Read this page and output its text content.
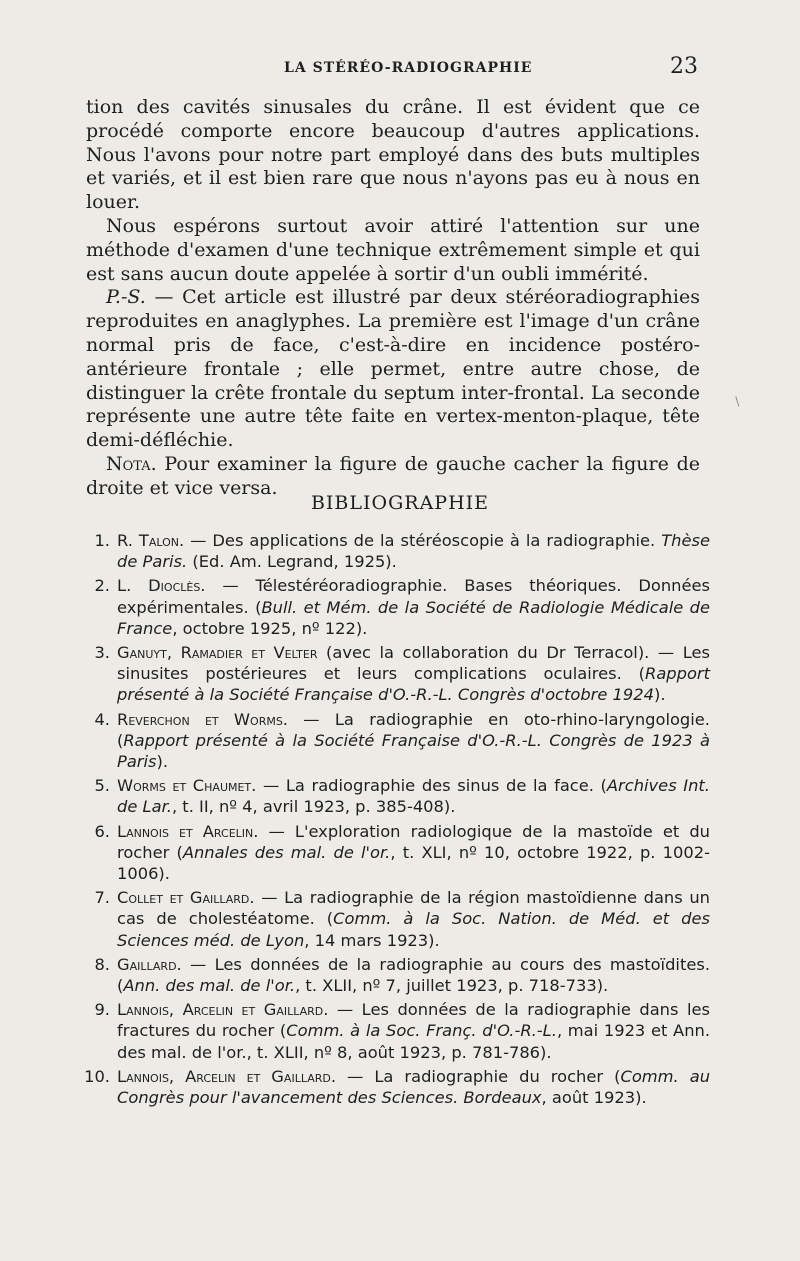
LA STÉRÉO-RADIOGRAPHIE	23

tion des cavités sinusales du crâne. Il est évident que ce procédé comporte encore beaucoup d'autres applications. Nous l'avons pour notre part employé dans des buts multiples et variés, et il est bien rare que nous n'ayons pas eu à nous en louer.

Nous espérons surtout avoir attiré l'attention sur une méthode d'examen d'une technique extrêmement simple et qui est sans aucun doute appelée à sortir d'un oubli immérité.

P.-S. — Cet article est illustré par deux stéréoradiographies reproduites en anaglyphes. La première est l'image d'un crâne normal pris de face, c'est-à-dire en incidence postéro-antérieure frontale ; elle permet, entre autre chose, de distinguer la crête frontale du septum inter-frontal. La seconde représente une autre tête faite en vertex-menton-plaque, tête demi-défléchie.

Nota. Pour examiner la figure de gauche cacher la figure de droite et vice versa.

∖
BIBLIOGRAPHIE
1. R. Talon. — Des applications de la stéréoscopie à la radiographie. Thèse de Paris. (Ed. Am. Legrand, 1925).
2. L. Dioclès. — Télestéréoradiographie. Bases théoriques. Données expérimentales. (Bull. et Mém. de la Société de Radiologie Médicale de France, octobre 1925, nº 122).
3. Ganuyt, Ramadier et Velter (avec la collaboration du Dr Terracol). — Les sinusites postérieures et leurs complications oculaires. (Rapport présenté à la Société Française d'O.-R.-L. Congrès d'octobre 1924).
4. Reverchon et Worms. — La radiographie en oto-rhino-laryngologie. (Rapport présenté à la Société Française d'O.-R.-L. Congrès de 1923 à Paris).
5. Worms et Chaumet. — La radiographie des sinus de la face. (Archives Int. de Lar., t. II, nº 4, avril 1923, p. 385-408).
6. Lannois et Arcelin. — L'exploration radiologique de la mastoïde et du rocher (Annales des mal. de l'or., t. XLI, nº 10, octobre 1922, p. 1002-1006).
7. Collet et Gaillard. — La radiographie de la région mastoïdienne dans un cas de cholestéatome. (Comm. à la Soc. Nation. de Méd. et des Sciences méd. de Lyon, 14 mars 1923).
8. Gaillard. — Les données de la radiographie au cours des mastoïdites. (Ann. des mal. de l'or., t. XLII, nº 7, juillet 1923, p. 718-733).
9. Lannois, Arcelin et Gaillard. — Les données de la radiographie dans les fractures du rocher (Comm. à la Soc. Franç. d'O.-R.-L., mai 1923 et Ann. des mal. de l'or., t. XLII, nº 8, août 1923, p. 781-786).
10. Lannois, Arcelin et Gaillard. — La radiographie du rocher (Comm. au Congrès pour l'avancement des Sciences. Bordeaux, août 1923).
